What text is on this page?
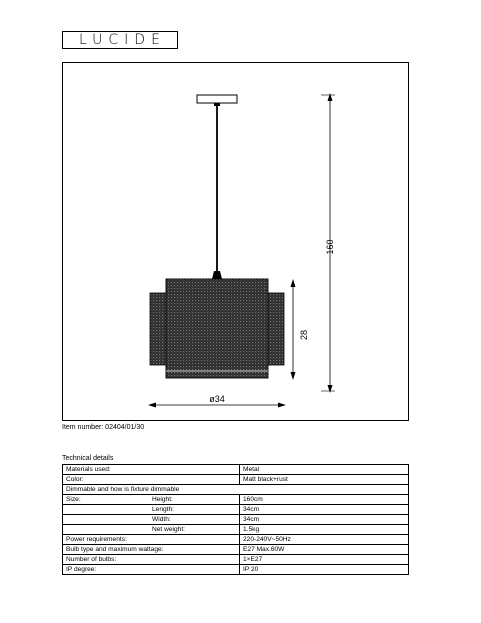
LUCIDE
160
28
ø34
Item number: 02404/01/30
Technical details
Materials used:	Metal
Color:	Matt black+rust
Dimmable and how is fixture dimmable	
Size: Height:	160cm

Length:	34cm

Width:	34cm

Net weight:	1.5kg
Power requirements:	220-240V~50Hz
Bulb type and maximum wattage:	E27 Max.60W
Number of bulbs:	1×E27
IP degree:	IP 20
